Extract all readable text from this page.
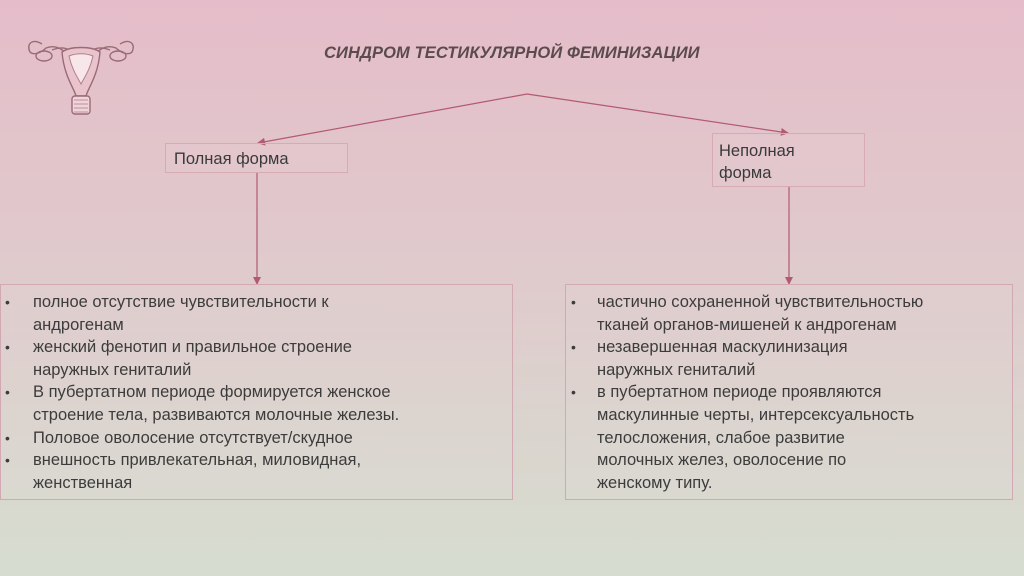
СИНДРОМ ТЕСТИКУЛЯРНОЙ ФЕМИНИЗАЦИИ
Полная форма	Неполная
форма
• полное отсутствие чувствительности к
андрогенам
• женский фенотип и правильное строение
наружных гениталий
• В пубертатном периоде формируется женское
строение тела, развиваются молочные железы.
• Половое оволосение отсутствует/скудное
• внешность привлекательная, миловидная,
женственная
• частично сохраненной чувствительностью
тканей органов-мишеней к андрогенам
• незавершенная маскулинизация
наружных гениталий
• в пубертатном периоде проявляются
маскулинные черты, интерсексуальность
телосложения, слабое развитие
молочных желез, оволосение по
женскому типу.
